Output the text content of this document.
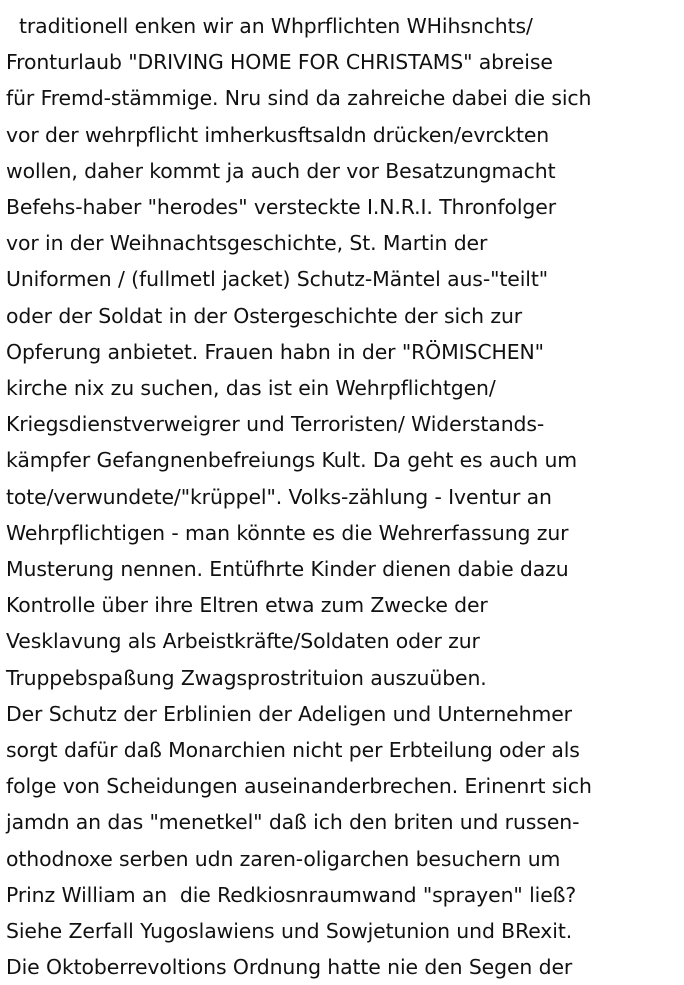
traditionell enken wir an Whprflichten WHihsnchts/
Fronturlaub "DRIVING HOME FOR CHRISTAMS" abreise
für Fremd-stämmige. Nru sind da zahreiche dabei die sich
vor der wehrpflicht imherkusftsaldn drücken/evrckten
wollen, daher kommt ja auch der vor Besatzungmacht
Befehs-haber "herodes" versteckte I.N.R.I. Thronfolger
vor in der Weihnachtsgeschichte, St. Martin der
Uniformen / (fullmetl jacket) Schutz-Mäntel aus-"teilt"
oder der Soldat in der Ostergeschichte der sich zur
Opferung anbietet. Frauen habn in der "RÖMISCHEN"
kirche nix zu suchen, das ist ein Wehrpflichtgen/
Kriegsdienstverweigrer und Terroristen/ Widerstands-
kämpfer Gefangnenbefreiungs Kult. Da geht es auch um
tote/verwundete/"krüppel". Volks-zählung - Iventur an
Wehrpflichtigen - man könnte es die Wehrerfassung zur
Musterung nennen. Entüfhrte Kinder dienen dabie dazu
Kontrolle über ihre Eltren etwa zum Zwecke der
Vesklavung als Arbeistkräfte/Soldaten oder zur
Truppebspaßung Zwagsprostrituion auszuüben.
Der Schutz der Erblinien der Adeligen und Unternehmer
sorgt dafür daß Monarchien nicht per Erbteilung oder als
folge von Scheidungen auseinanderbrechen. Erinenrt sich
jamdn an das "menetkel" daß ich den briten und russen-
othodnoxe serben udn zaren-oligarchen besuchern um
Prinz William an  die Redkiosnraumwand "sprayen" ließ?
Siehe Zerfall Yugoslawiens und Sowjetunion und BRexit.
Die Oktoberrevoltions Ordnung hatte nie den Segen der
